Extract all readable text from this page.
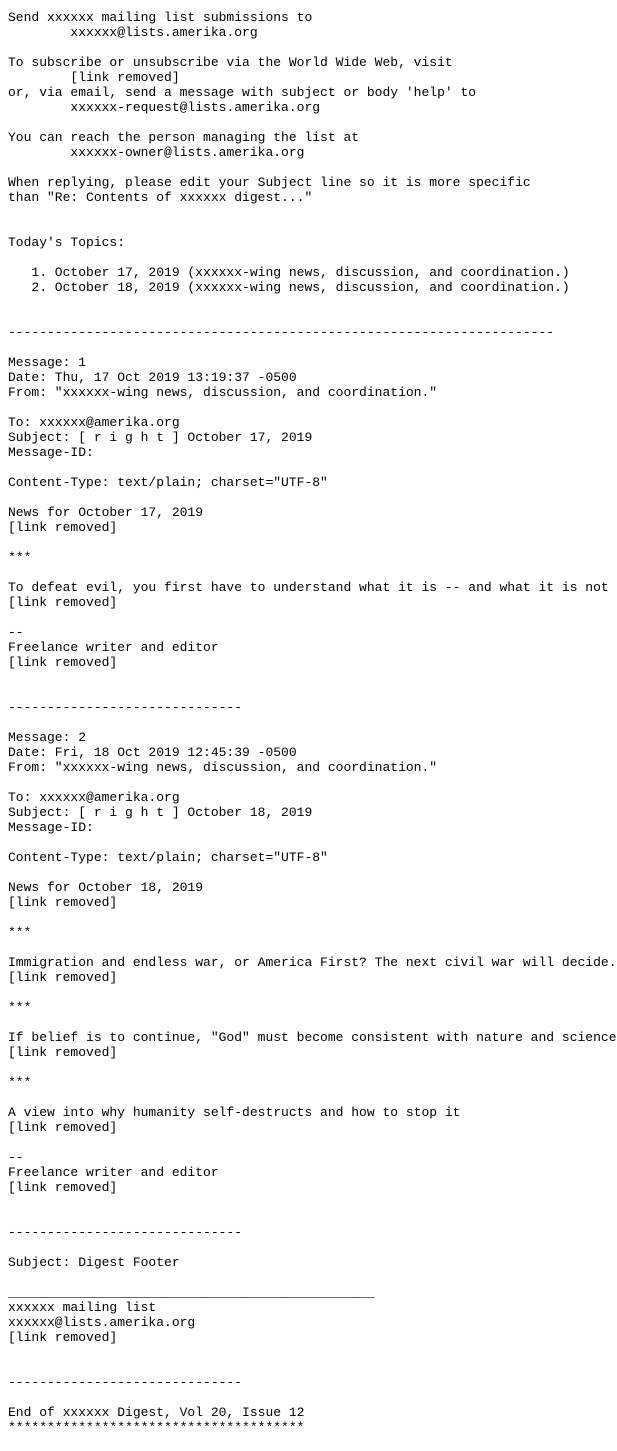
Send xxxxxx mailing list submissions to
	xxxxxx@lists.amerika.org

To subscribe or unsubscribe via the World Wide Web, visit
	[link removed]
or, via email, send a message with subject or body 'help' to
	xxxxxx-request@lists.amerika.org

You can reach the person managing the list at
	xxxxxx-owner@lists.amerika.org

When replying, please edit your Subject line so it is more specific
than "Re: Contents of xxxxxx digest..."

Today's Topics:

1. October 17, 2019 (xxxxxx-wing news, discussion, and coordination.)
2. October 18, 2019 (xxxxxx-wing news, discussion, and coordination.)

----------------------------------------------------------------------

Message: 1
Date: Thu, 17 Oct 2019 13:19:37 -0500
From: "xxxxxx-wing news, discussion, and coordination."

To: xxxxxx@amerika.org
Subject: [ r i g h t ] October 17, 2019
Message-ID:

Content-Type: text/plain; charset="UTF-8"

News for October 17, 2019
[link removed]

***

To defeat evil, you first have to understand what it is -- and what it is not
[link removed]

--
Freelance writer and editor
[link removed]

------------------------------

Message: 2
Date: Fri, 18 Oct 2019 12:45:39 -0500
From: "xxxxxx-wing news, discussion, and coordination."

To: xxxxxx@amerika.org
Subject: [ r i g h t ] October 18, 2019
Message-ID:

Content-Type: text/plain; charset="UTF-8"

News for October 18, 2019
[link removed]

***

Immigration and endless war, or America First? The next civil war will decide.
[link removed]

***

If belief is to continue, "God" must become consistent with nature and science
[link removed]

***

A view into why humanity self-destructs and how to stop it
[link removed]

--
Freelance writer and editor
[link removed]

------------------------------

Subject: Digest Footer

_______________________________________________
xxxxxx mailing list
xxxxxx@lists.amerika.org
[link removed]

------------------------------

End of xxxxxx Digest, Vol 20, Issue 12
**************************************
